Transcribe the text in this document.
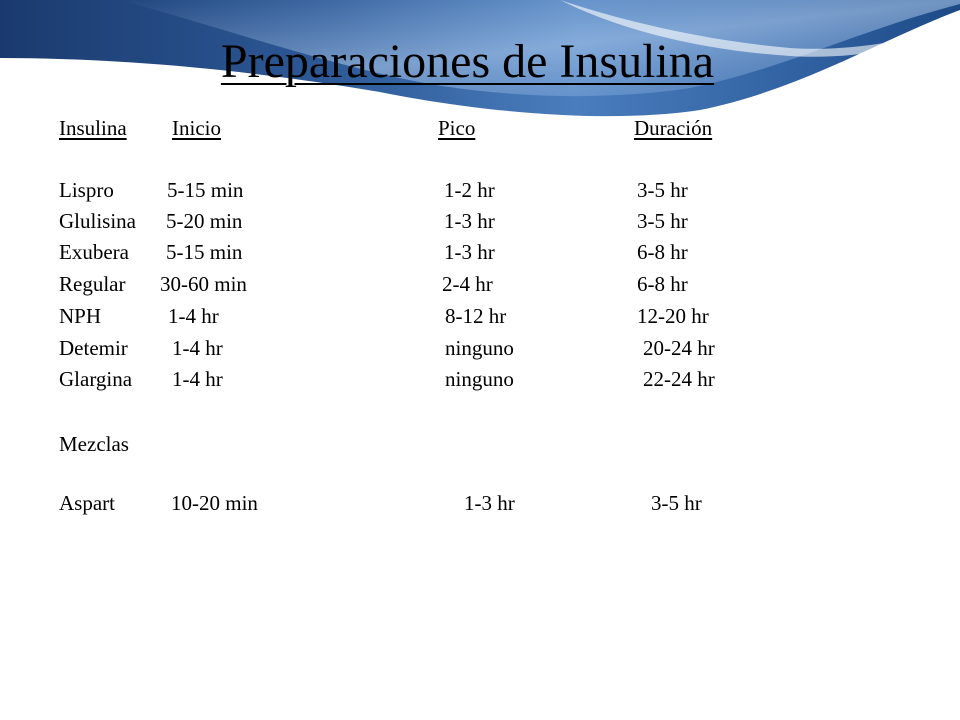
Preparaciones de Insulina
Insulina Inicio	Pico	Duración
Lispro	5-15 min	1-2 hr	3-5 hr
Glulisina 5-20 min	1-3 hr	3-5 hr
Exubera 5-15 min	1-3 hr	6-8 hr
Regular 30-60 min	2-4 hr	6-8 hr
NPH	1-4 hr	8-12 hr	12-20 hr
Detemir 1-4 hr	ninguno	20-24 hr
Glargina 1-4 hr	ninguno	22-24 hr
Mezclas
Aspart	10-20 min	1-3 hr	3-5 hr
